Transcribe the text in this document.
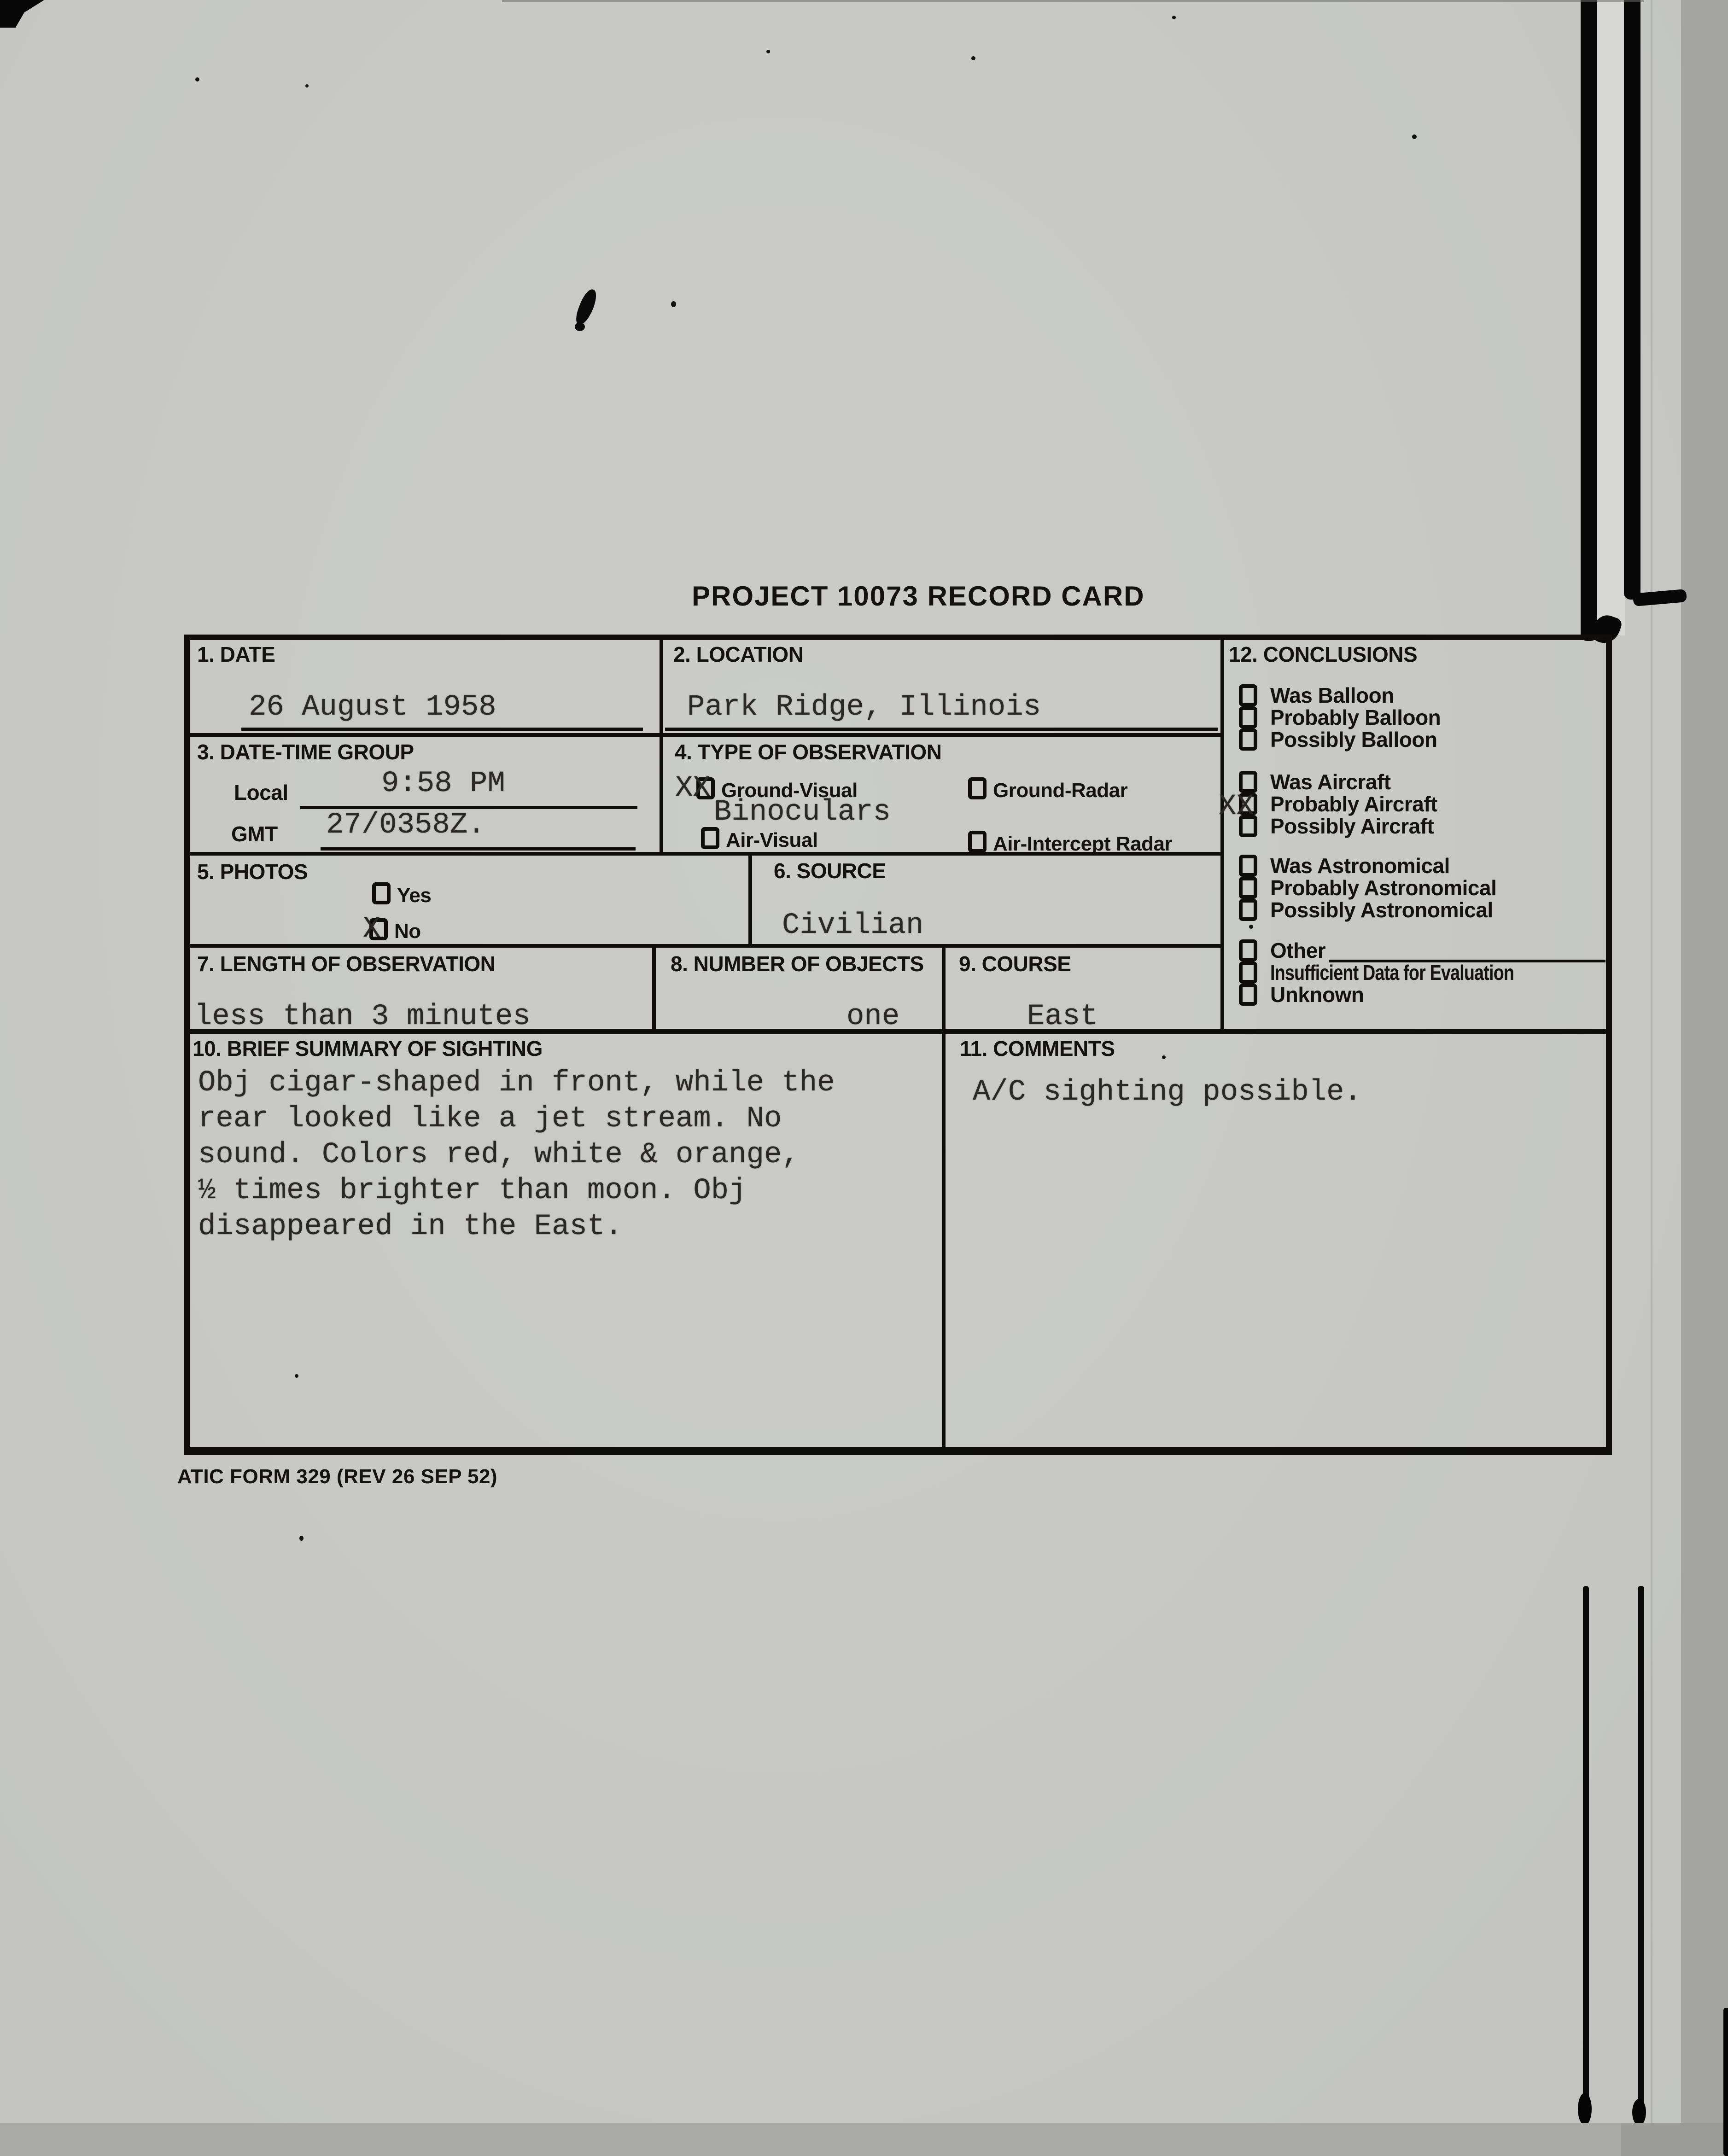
PROJECT 10073 RECORD CARD
ATIC FORM 329 (REV 26 SEP 52)
1. DATE
26 August 1958
2. LOCATION
Park Ridge, Illinois
3. DATE-TIME GROUP
Local	9:58 PM
GMT 27/0358Z.
4. TYPE OF OBSERVATION
Ground-Visual
XX	Ground-Radar
Binoculars
Air-Visual	Air-Intercept Radar
5. PHOTOS
Yes
No
X
6. SOURCE
Civilian
7. LENGTH OF OBSERVATION
less than 3 minutes
8. NUMBER OF OBJECTS
one
9. COURSE
East
10. BRIEF SUMMARY OF SIGHTING
Obj cigar-shaped in front, while the
rear looked like a jet stream. No
sound. Colors red, white & orange,
½ times brighter than moon. Obj
disappeared in the East.
11. COMMENTS
A/C sighting possible.
12. CONCLUSIONS
Was Balloon
Probably Balloon
Possibly Balloon
Was Aircraft
Probably Aircraft
Possibly Aircraft
XX
Was Astronomical
Probably Astronomical
Possibly Astronomical
Other
Insufficient Data for Evaluation
Unknown
